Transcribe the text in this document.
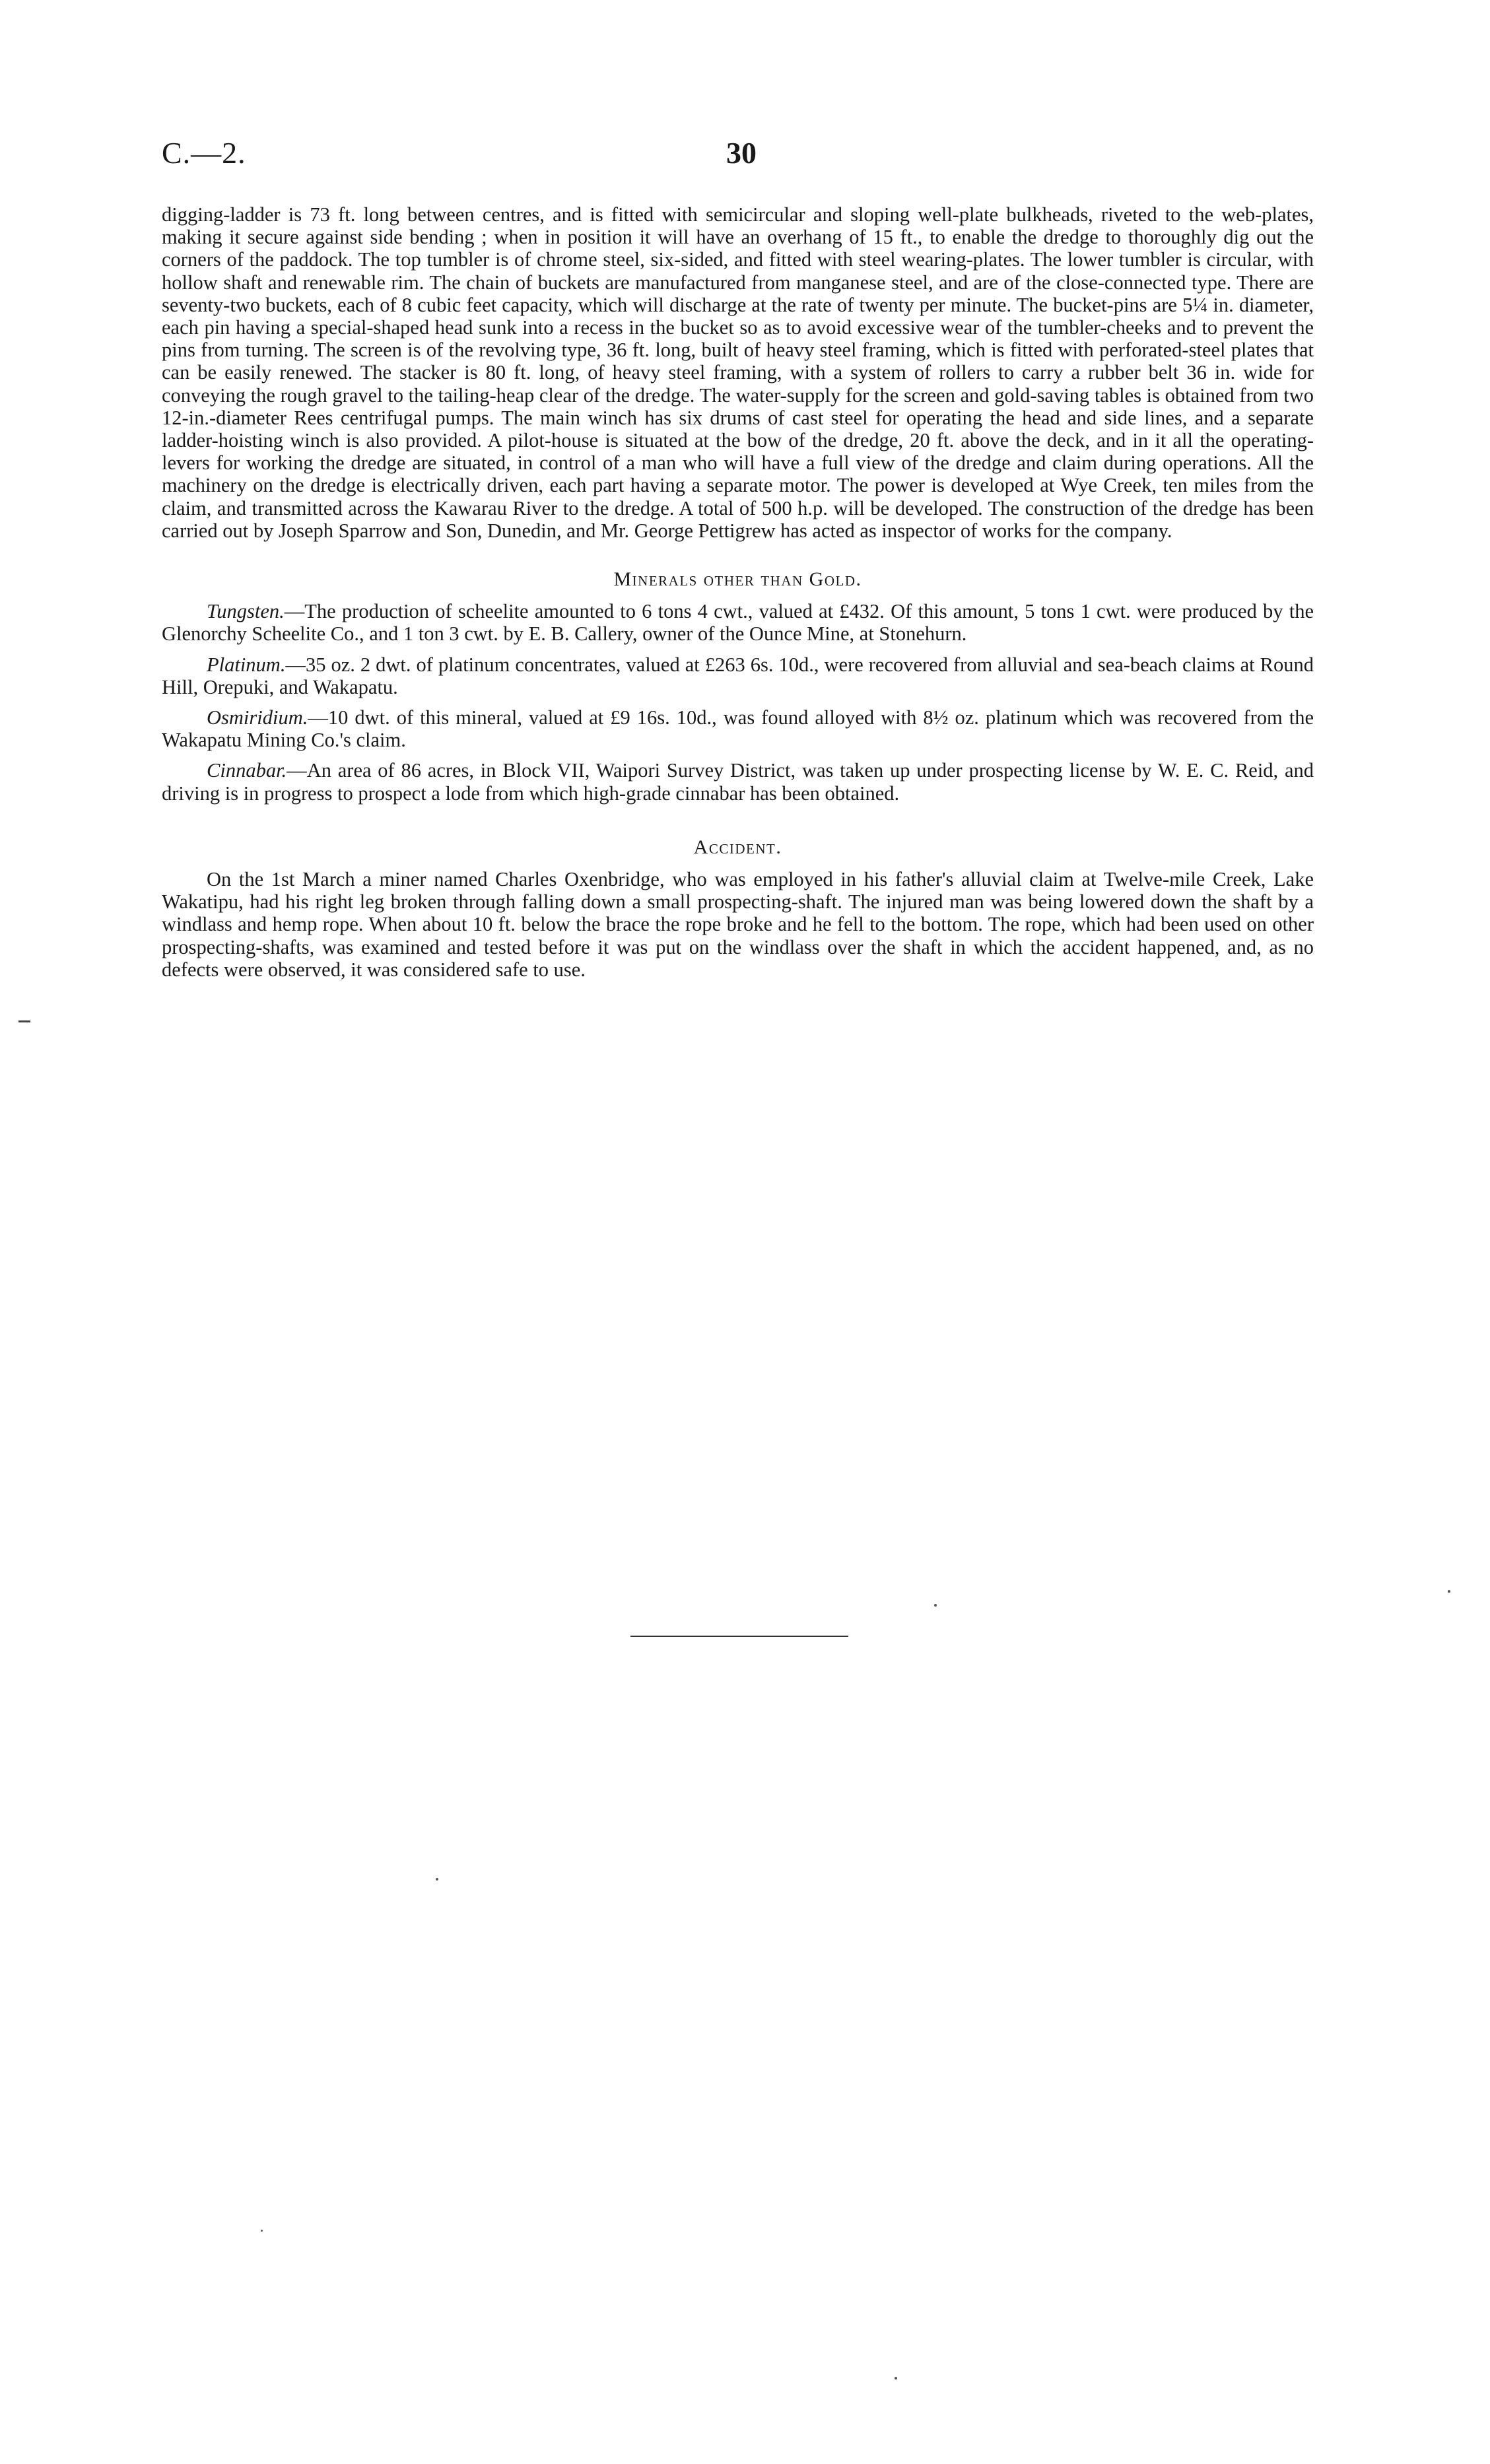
C.—2.	30

digging-ladder is 73 ft. long between centres, and is fitted with semicircular and sloping well-plate bulkheads, riveted to the web-plates, making it secure against side bending ; when in position it will have an overhang of 15 ft., to enable the dredge to thoroughly dig out the corners of the paddock. The top tumbler is of chrome steel, six-sided, and fitted with steel wearing-plates. The lower tumbler is circular, with hollow shaft and renewable rim. The chain of buckets are manufactured from manganese steel, and are of the close-connected type. There are seventy-two buckets, each of 8 cubic feet capacity, which will discharge at the rate of twenty per minute. The bucket-pins are 5¼ in. diameter, each pin having a special-shaped head sunk into a recess in the bucket so as to avoid excessive wear of the tumbler-cheeks and to prevent the pins from turning. The screen is of the revolving type, 36 ft. long, built of heavy steel framing, which is fitted with perforated-steel plates that can be easily renewed. The stacker is 80 ft. long, of heavy steel framing, with a system of rollers to carry a rubber belt 36 in. wide for conveying the rough gravel to the tailing-heap clear of the dredge. The water-supply for the screen and gold-saving tables is obtained from two 12-in.-diameter Rees centrifugal pumps. The main winch has six drums of cast steel for operating the head and side lines, and a separate ladder-hoisting winch is also provided. A pilot-house is situated at the bow of the dredge, 20 ft. above the deck, and in it all the operating-levers for working the dredge are situated, in control of a man who will have a full view of the dredge and claim during operations. All the machinery on the dredge is electrically driven, each part having a separate motor. The power is developed at Wye Creek, ten miles from the claim, and transmitted across the Kawarau River to the dredge. A total of 500 h.p. will be developed. The construction of the dredge has been carried out by Joseph Sparrow and Son, Dunedin, and Mr. George Pettigrew has acted as inspector of works for the company.

Minerals other than Gold.

Tungsten.—The production of scheelite amounted to 6 tons 4 cwt., valued at £432. Of this amount, 5 tons 1 cwt. were produced by the Glenorchy Scheelite Co., and 1 ton 3 cwt. by E. B. Callery, owner of the Ounce Mine, at Stonehurn.

Platinum.—35 oz. 2 dwt. of platinum concentrates, valued at £263 6s. 10d., were recovered from alluvial and sea-beach claims at Round Hill, Orepuki, and Wakapatu.

Osmiridium.—10 dwt. of this mineral, valued at £9 16s. 10d., was found alloyed with 8½ oz. platinum which was recovered from the Wakapatu Mining Co.'s claim.

Cinnabar.—An area of 86 acres, in Block VII, Waipori Survey District, was taken up under prospecting license by W. E. C. Reid, and driving is in progress to prospect a lode from which high-grade cinnabar has been obtained.

Accident.

On the 1st March a miner named Charles Oxenbridge, who was employed in his father's alluvial claim at Twelve-mile Creek, Lake Wakatipu, had his right leg broken through falling down a small prospecting-shaft. The injured man was being lowered down the shaft by a windlass and hemp rope. When about 10 ft. below the brace the rope broke and he fell to the bottom. The rope, which had been used on other prospecting-shafts, was examined and tested before it was put on the windlass over the shaft in which the accident happened, and, as no defects were observed, it was considered safe to use.
